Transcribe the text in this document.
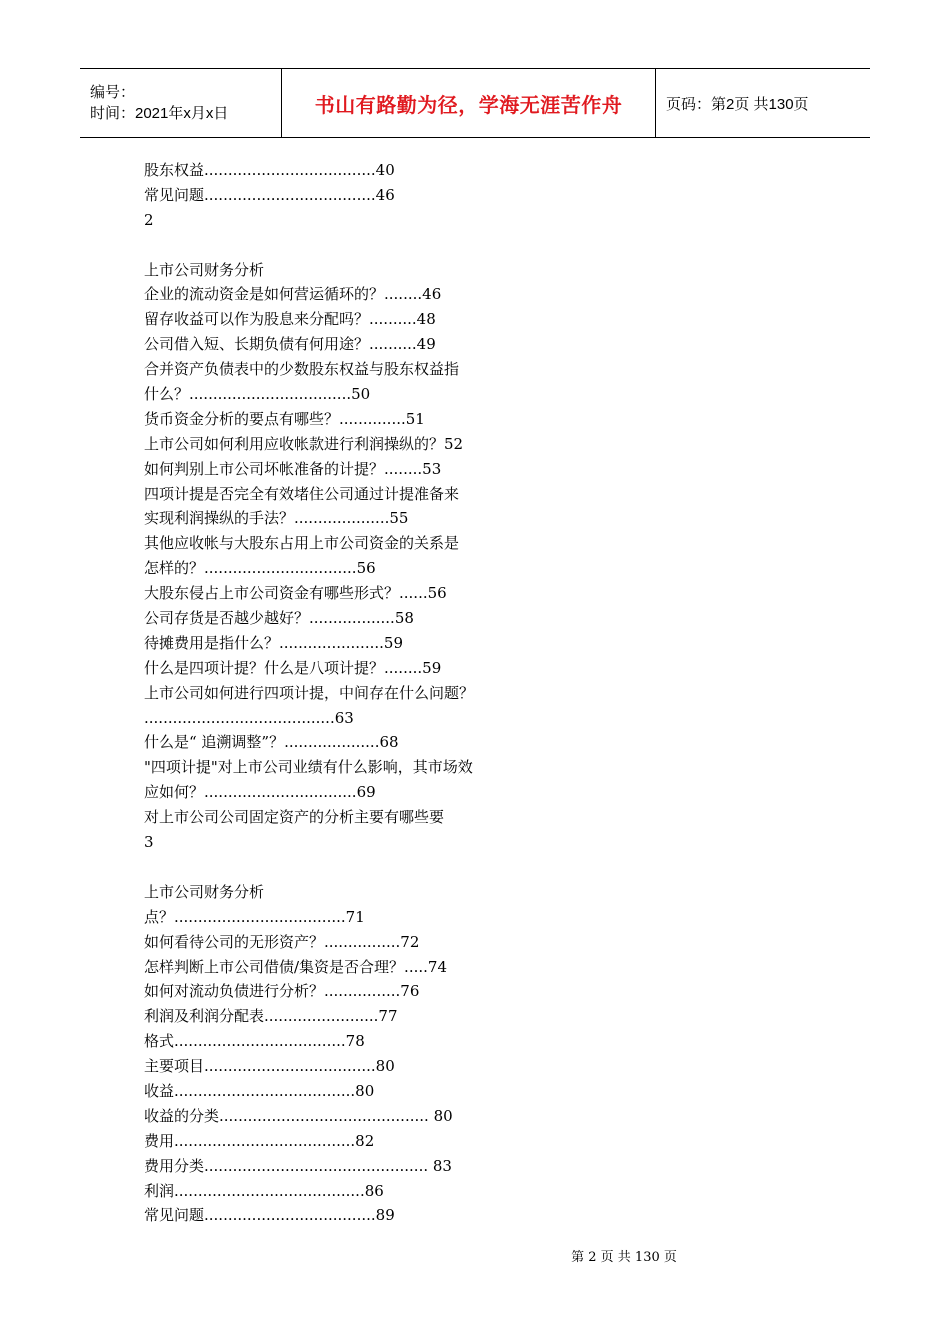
编号：
时间：2021年x月x日	书山有路勤为径，学海无涯苦作舟	页码：第2页 共130页
股东权益....................................40
常见问题....................................46
2
上市公司财务分析
企业的流动资金是如何营运循环的？........46
留存收益可以作为股息来分配吗？..........48
公司借入短、长期负债有何用途？..........49
合并资产负债表中的少数股东权益与股东权益指
什么？..................................50
货币资金分析的要点有哪些？..............51
上市公司如何利用应收帐款进行利润操纵的？52
如何判别上市公司坏帐准备的计提？........53
四项计提是否完全有效堵住公司通过计提准备来
实现利润操纵的手法？....................55
其他应收帐与大股东占用上市公司资金的关系是
怎样的？................................56
大股东侵占上市公司资金有哪些形式？......56
公司存货是否越少越好？..................58
待摊费用是指什么？......................59
什么是四项计提？什么是八项计提？........59
上市公司如何进行四项计提，中间存在什么问题？
........................................63
什么是“ 追溯调整”？....................68
"四项计提"对上市公司业绩有什么影响，其市场效
应如何？................................69
对上市公司公司固定资产的分析主要有哪些要
3
上市公司财务分析
点？....................................71
如何看待公司的无形资产？................72
怎样判断上市公司借债/集资是否合理？.....74
如何对流动负债进行分析？................76
利润及利润分配表........................77
格式....................................78
主要项目....................................80
收益......................................80
收益的分类............................................ 80
费用......................................82
费用分类............................................... 83
利润........................................86
常见问题....................................89
第 2 页 共 130 页
